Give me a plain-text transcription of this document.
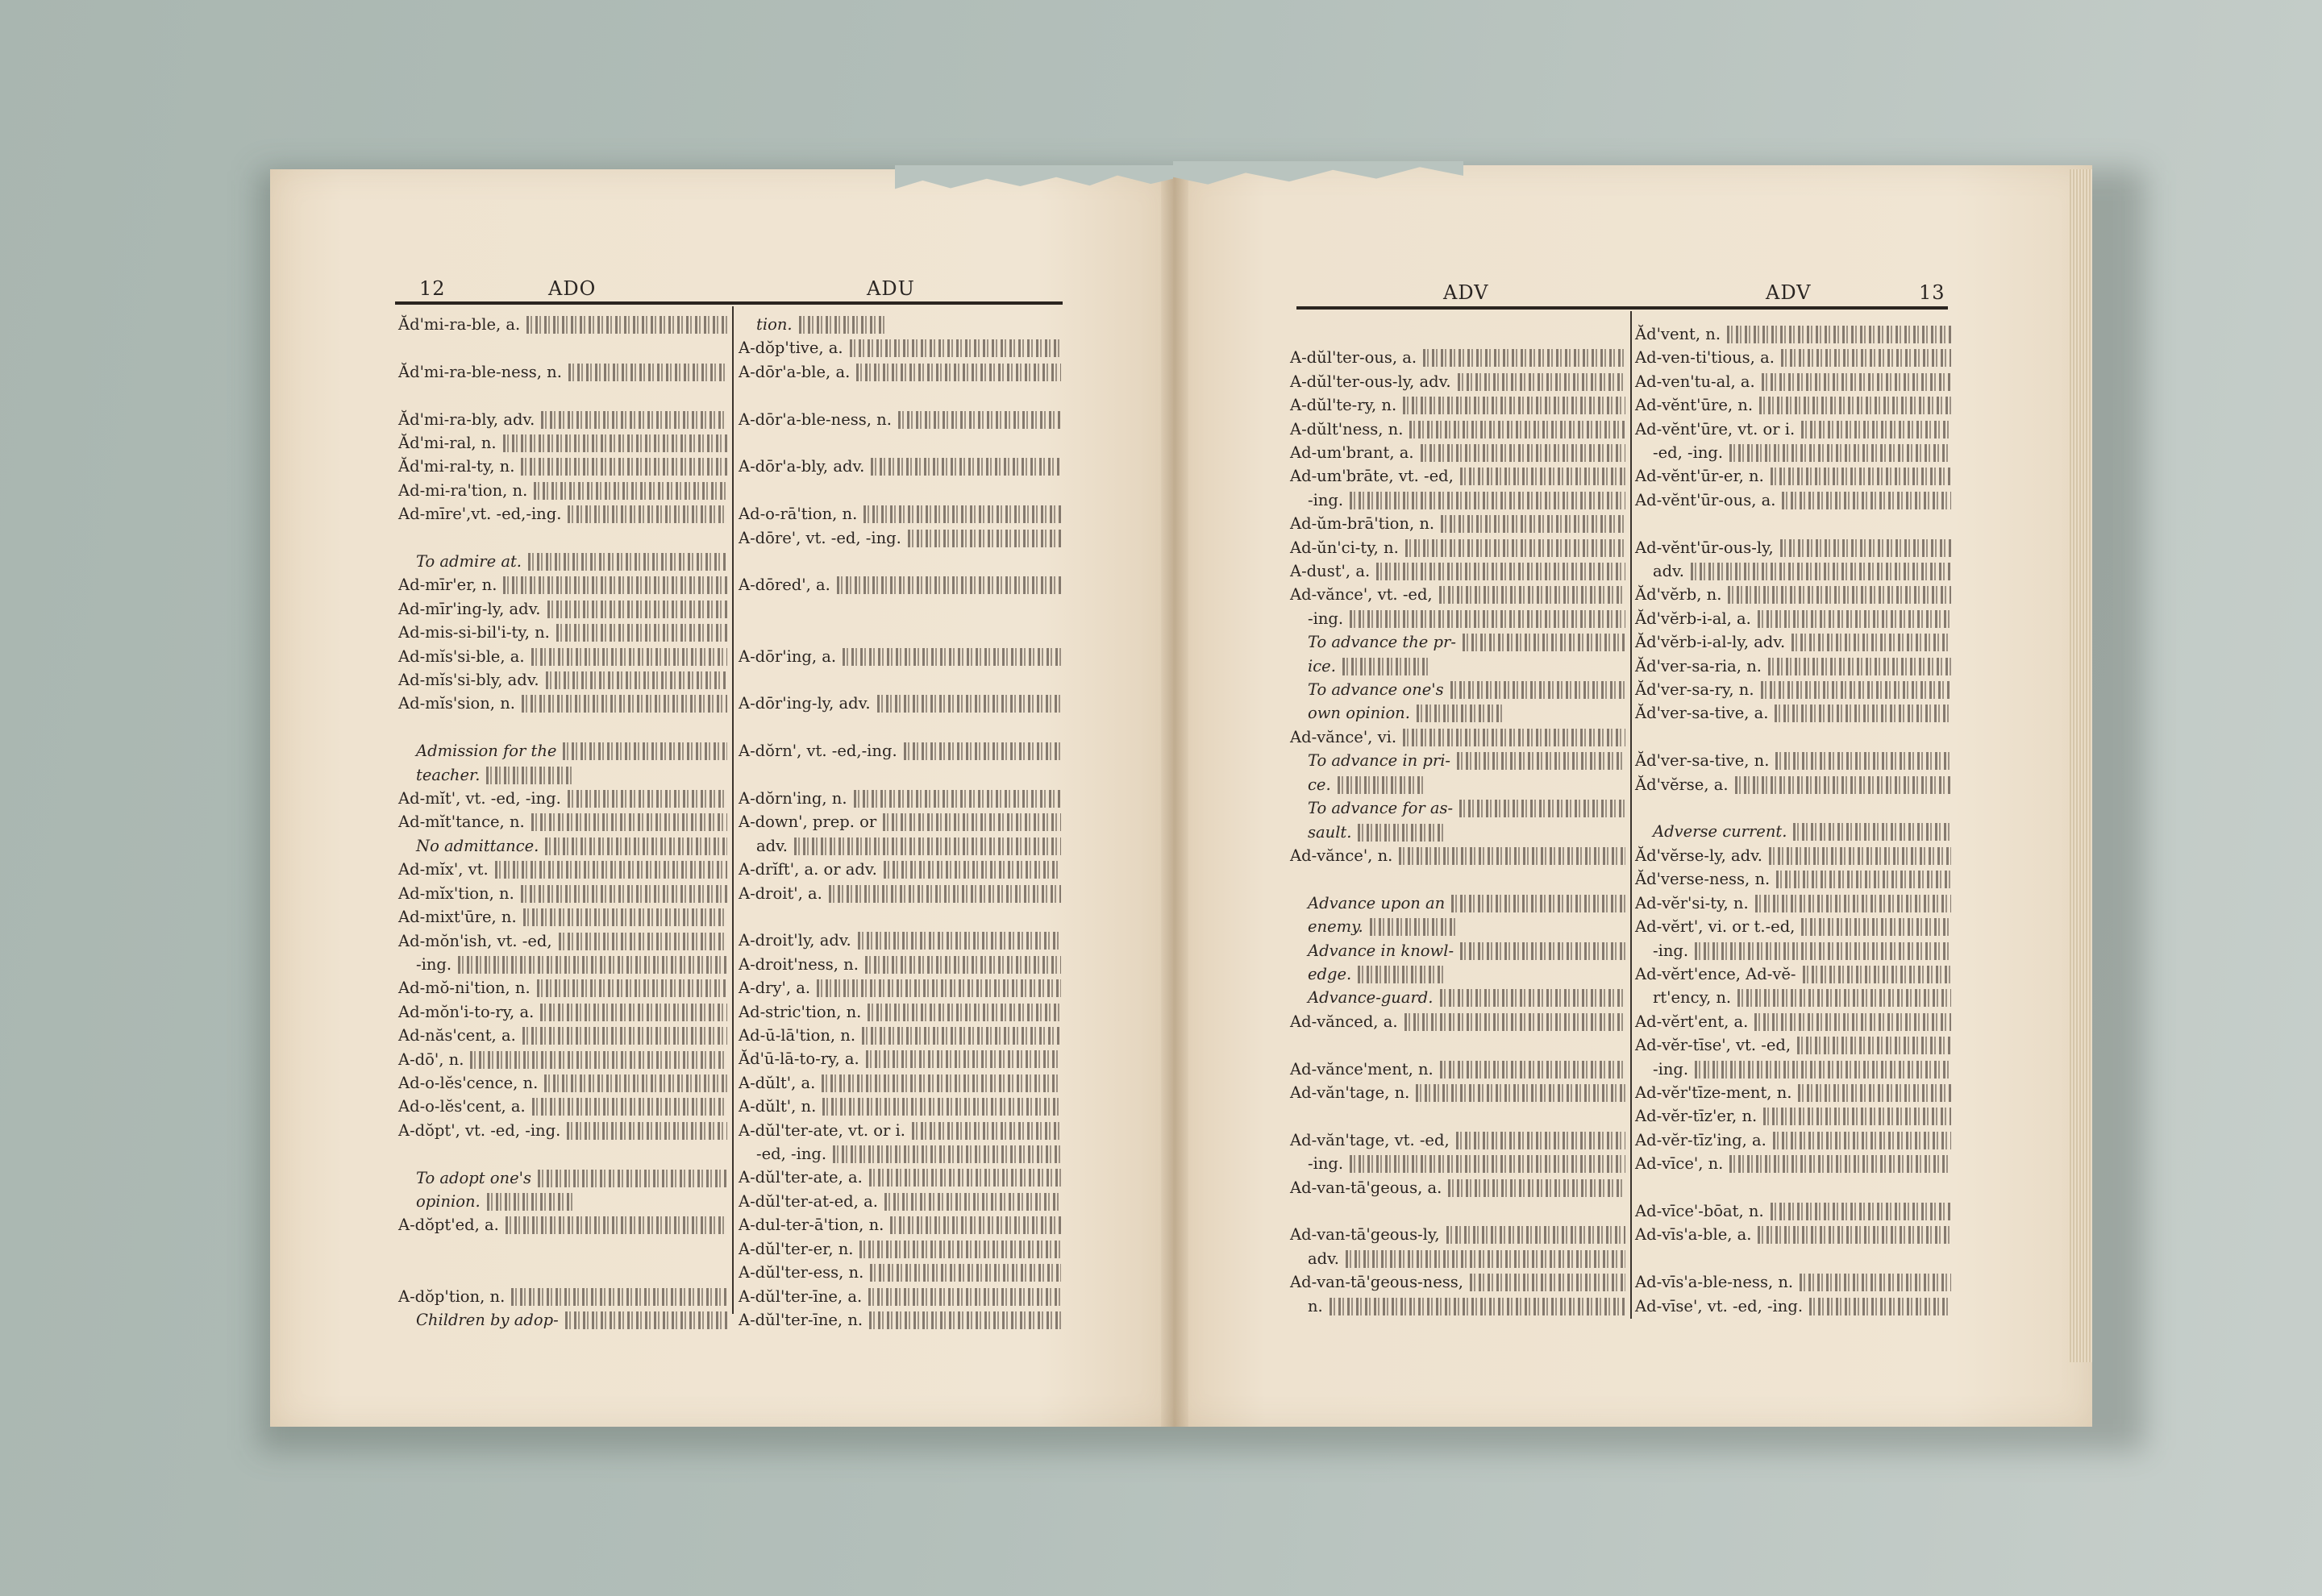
12	ADO	ADU
Ăd'mi-ra-ble, a.
Ăd'mi-ra-ble-ness, n.
Ăd'mi-ra-bly, adv.
Ăd'mi-ral, n.
Ăd'mi-ral-ty, n.
Ad-mi-ra'tion, n.
Ad-mīre',vt. -ed,-ing.
To admire at.
Ad-mīr'er, n.
Ad-mīr'ing-ly, adv.
Ad-mis-si-bil'i-ty, n.
Ad-mĭs'si-ble, a.
Ad-mĭs'si-bly, adv.
Ad-mĭs'sion, n.
Admission for the
teacher.
Ad-mĭt', vt. -ed, -ing.
Ad-mĭt'tance, n.
No admittance.
Ad-mĭx', vt.
Ad-mĭx'tion, n.
Ad-mixt'ūre, n.
Ad-mŏn'ish, vt. -ed,
-ing.
Ad-mŏ-ni'tion, n.
Ad-mŏn'i-to-ry, a.
Ad-năs'cent, a.
A-dō', n.
Ad-o-lĕs'cence, n.
Ad-o-lĕs'cent, a.
A-dŏpt', vt. -ed, -ing.
To adopt one's
opinion.
A-dŏpt'ed, a.
A-dŏp'tion, n.
Children by adop-
tion.
A-dŏp'tive, a.
A-dōr'a-ble, a.
A-dōr'a-ble-ness, n.
A-dōr'a-bly, adv.
Ad-o-rā'tion, n.
A-dōre', vt. -ed, -ing.
A-dōred', a.
A-dōr'ing, a.
A-dōr'ing-ly, adv.
A-dŏrn', vt. -ed,-ing.
A-dŏrn'ing, n.
A-down', prep. or
adv.
A-drĭft', a. or adv.
A-droit', a.
A-droit'ly, adv.
A-droit'ness, n.
A-dry', a.
Ad-stric'tion, n.
Ad-ū-lā'tion, n.
Ăd'ū-lā-to-ry, a.
A-dŭlt', a.
A-dŭlt', n.
A-dŭl'ter-ate, vt. or i.
-ed, -ing.
A-dŭl'ter-ate, a.
A-dŭl'ter-at-ed, a.
A-dul-ter-ā'tion, n.
A-dŭl'ter-er, n.
A-dŭl'ter-ess, n.
A-dŭl'ter-īne, a.
A-dŭl'ter-īne, n.
ADV	ADV	13
A-dŭl'ter-ous, a.
A-dŭl'ter-ous-ly, adv.
A-dŭl'te-ry, n.
A-dŭlt'ness, n.
Ad-um'brant, a.
Ad-um'brāte, vt. -ed,
-ing.
Ad-ŭm-brā'tion, n.
Ad-ŭn'ci-ty, n.
A-dust', a.
Ad-vănce', vt. -ed,
-ing.
To advance the pr-
ice.
To advance one's
own opinion.
Ad-vănce', vi.
To advance in pri-
ce.
To advance for as-
sault.
Ad-vănce', n.
Advance upon an
enemy.
Advance in knowl-
edge.
Advance-guard.
Ad-vănced, a.
Ad-vănce'ment, n.
Ad-văn'tage, n.
Ad-văn'tage, vt. -ed,
-ing.
Ad-van-tā'geous, a.
Ad-van-tā'geous-ly,
adv.
Ad-van-tā'geous-ness,
n.
Ăd'vent, n.
Ad-ven-ti'tious, a.
Ad-ven'tu-al, a.
Ad-vĕnt'ūre, n.
Ad-vĕnt'ūre, vt. or i.
-ed, -ing.
Ad-vĕnt'ūr-er, n.
Ad-vĕnt'ūr-ous, a.
Ad-vĕnt'ūr-ous-ly,
adv.
Ăd'vĕrb, n.
Ăd'vĕrb-i-al, a.
Ăd'vĕrb-i-al-ly, adv.
Ăd'ver-sa-ria, n.
Ăd'ver-sa-ry, n.
Ăd'ver-sa-tive, a.
Ăd'ver-sa-tive, n.
Ăd'vĕrse, a.
Adverse current.
Ăd'vĕrse-ly, adv.
Ăd'verse-ness, n.
Ad-vĕr'si-ty, n.
Ad-vĕrt', vi. or t.-ed,
-ing.
Ad-vĕrt'ence, Ad-vĕ-
rt'ency, n.
Ad-vĕrt'ent, a.
Ad-vĕr-tīse', vt. -ed,
-ing.
Ad-vĕr'tīze-ment, n.
Ad-vĕr-tīz'er, n.
Ad-vĕr-tīz'ing, a.
Ad-vīce', n.
Ad-vīce'-bōat, n.
Ad-vīs'a-ble, a.
Ad-vīs'a-ble-ness, n.
Ad-vīse', vt. -ed, -ing.
